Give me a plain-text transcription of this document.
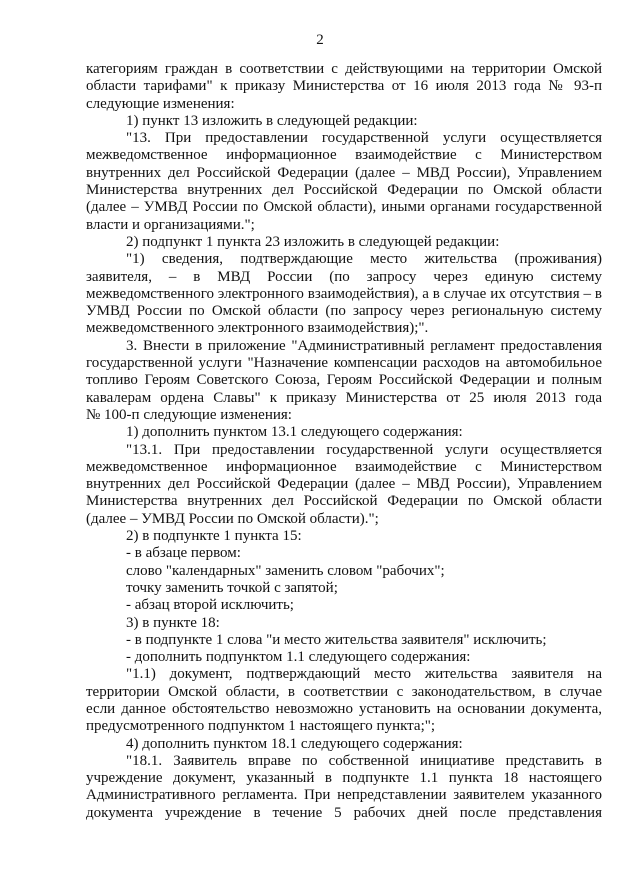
2
категориям граждан в соответствии с действующими на территории Омской
области тарифами" к приказу Министерства от 16 июля 2013 года № 93-п
следующие изменения:
1) пункт 13 изложить в следующей редакции:
"13. При предоставлении государственной услуги осуществляется
межведомственное информационное взаимодействие с Министерством
внутренних дел Российской Федерации (далее – МВД России), Управлением
Министерства внутренних дел Российской Федерации по Омской области
(далее – УМВД России по Омской области), иными органами государственной
власти и организациями.";
2) подпункт 1 пункта 23 изложить в следующей редакции:
"1) сведения, подтверждающие место жительства (проживания)
заявителя, – в МВД России (по запросу через единую систему
межведомственного электронного взаимодействия), а в случае их отсутствия – в
УМВД России по Омской области (по запросу через региональную систему
межведомственного электронного взаимодействия);".
3. Внести в приложение "Административный регламент предоставления
государственной услуги "Назначение компенсации расходов на автомобильное
топливо Героям Советского Союза, Героям Российской Федерации и полным
кавалерам ордена Славы" к приказу Министерства от 25 июля 2013 года
№ 100-п следующие изменения:
1) дополнить пунктом 13.1 следующего содержания:
"13.1. При предоставлении государственной услуги осуществляется
межведомственное информационное взаимодействие с Министерством
внутренних дел Российской Федерации (далее – МВД России), Управлением
Министерства внутренних дел Российской Федерации по Омской области
(далее – УМВД России по Омской области).";
2) в подпункте 1 пункта 15:
- в абзаце первом:
слово "календарных" заменить словом "рабочих";
точку заменить точкой с запятой;
- абзац второй исключить;
3) в пункте 18:
- в подпункте 1 слова "и место жительства заявителя" исключить;
- дополнить подпунктом 1.1 следующего содержания:
"1.1) документ, подтверждающий место жительства заявителя на
территории Омской области, в соответствии с законодательством, в случае
если данное обстоятельство невозможно установить на основании документа,
предусмотренного подпунктом 1 настоящего пункта;";
4) дополнить пунктом 18.1 следующего содержания:
"18.1. Заявитель вправе по собственной инициативе представить в
учреждение документ, указанный в подпункте 1.1 пункта 18 настоящего
Административного регламента. При непредставлении заявителем указанного
документа учреждение в течение 5 рабочих дней после представления
